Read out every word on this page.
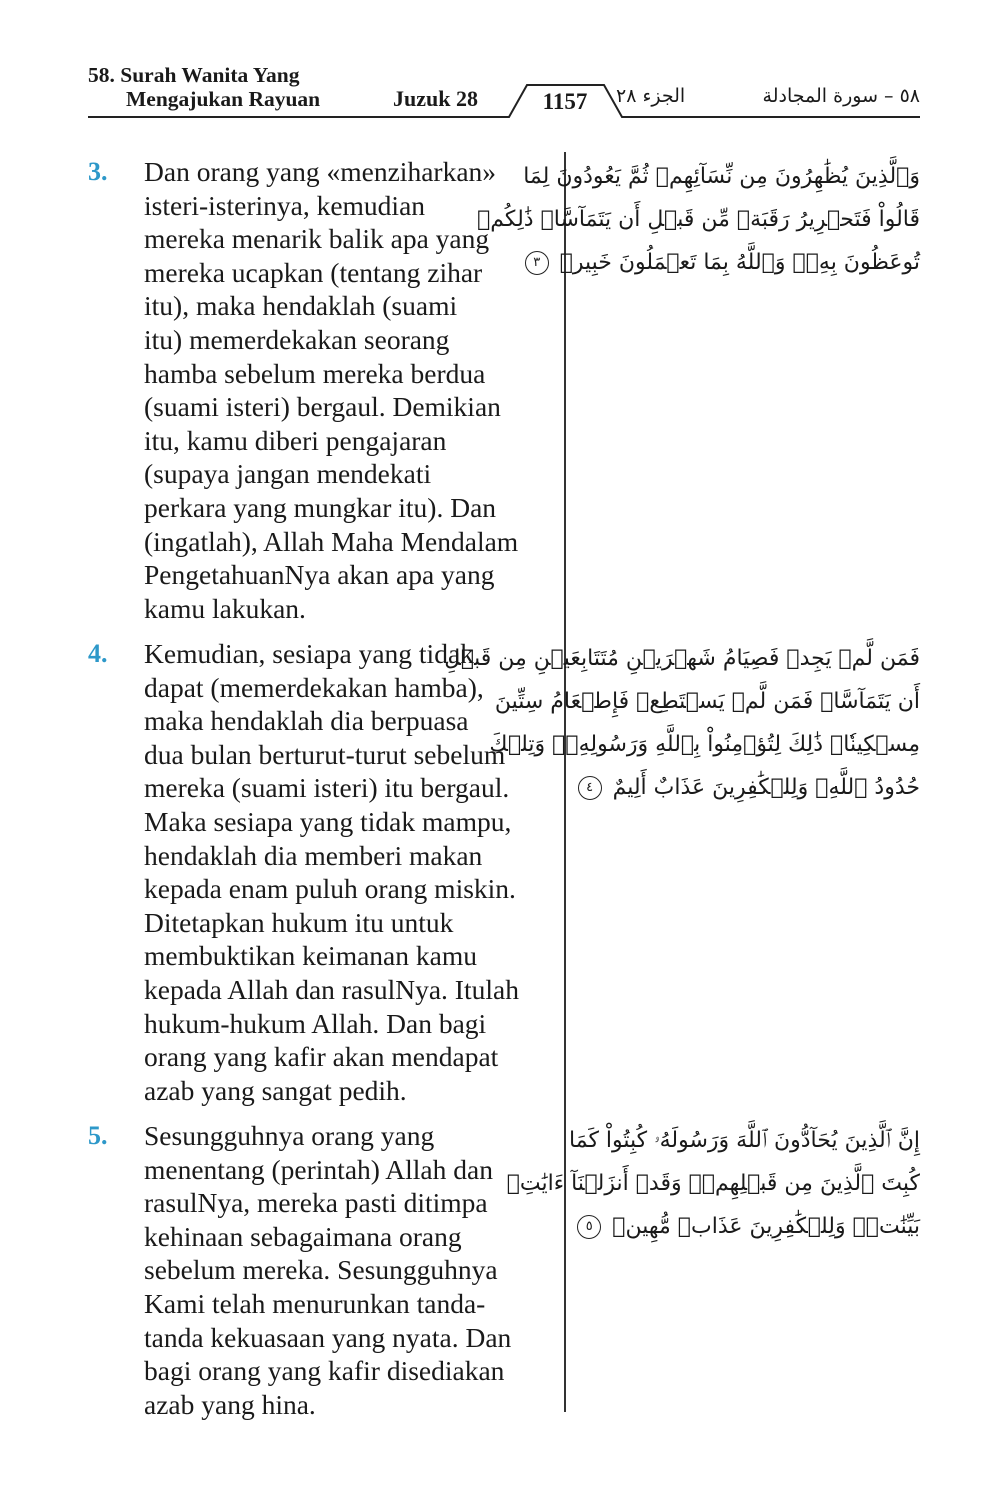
58. Surah Wanita Yang
Mengajukan Rayuan	Juzuk 28	1157	الجزء ٢٨	٥٨ – سورة المجادلة
3. Dan orang yang «menziharkan»
isteri-isterinya, kemudian
mereka menarik balik apa yang
mereka ucapkan (tentang zihar
itu), maka hendaklah (suami
itu) memerdekakan seorang
hamba sebelum mereka berdua
(suami isteri) bergaul. Demikian
itu, kamu diberi pengajaran
(supaya jangan mendekati
perkara yang mungkar itu). Dan
(ingatlah), Allah Maha Mendalam
PengetahuanNya akan apa yang
kamu lakukan.
وَٱلَّذِينَ يُظَٰهِرُونَ مِن نِّسَآئِهِمۡ ثُمَّ يَعُودُونَ لِمَا
قَالُواْ فَتَحۡرِيرُ رَقَبَةٖ مِّن قَبۡلِ أَن يَتَمَآسَّاۚ ذَٰلِكُمۡ
تُوعَظُونَ بِهِۦۚ وَٱللَّهُ بِمَا تَعۡمَلُونَ خَبِيرٞ ٣
4. Kemudian, sesiapa yang tidak
dapat (memerdekakan hamba),
maka hendaklah dia berpuasa
dua bulan berturut-turut sebelum
mereka (suami isteri) itu bergaul.
Maka sesiapa yang tidak mampu,
hendaklah dia memberi makan
kepada enam puluh orang miskin.
Ditetapkan hukum itu untuk
membuktikan keimanan kamu
kepada Allah dan rasulNya. Itulah
hukum-hukum Allah. Dan bagi
orang yang kafir akan mendapat
azab yang sangat pedih.
فَمَن لَّمۡ يَجِدۡ فَصِيَامُ شَهۡرَيۡنِ مُتَتَابِعَيۡنِ مِن قَبۡلِ
أَن يَتَمَآسَّاۖ فَمَن لَّمۡ يَسۡتَطِعۡ فَإِطۡعَامُ سِتِّينَ
مِسۡكِينٗاۚ ذَٰلِكَ لِتُؤۡمِنُواْ بِٱللَّهِ وَرَسُولِهِۦۚ وَتِلۡكَ
حُدُودُ ٱللَّهِۗ وَلِلۡكَٰفِرِينَ عَذَابٌ أَلِيمٌ ٤
5. Sesungguhnya orang yang
menentang (perintah) Allah dan
rasulNya, mereka pasti ditimpa
kehinaan sebagaimana orang
sebelum mereka. Sesungguhnya
Kami telah menurunkan tanda-
tanda kekuasaan yang nyata. Dan
bagi orang yang kafir disediakan
azab yang hina.
إِنَّ ٱلَّذِينَ يُحَآدُّونَ ٱللَّهَ وَرَسُولَهُۥ كُبِتُواْ كَمَا
كُبِتَ ٱلَّذِينَ مِن قَبۡلِهِمۡۚ وَقَدۡ أَنزَلۡنَآ ءَايَٰتِۭ
بَيِّنَٰتٖۚ وَلِلۡكَٰفِرِينَ عَذَابٞ مُّهِينٞ ٥
